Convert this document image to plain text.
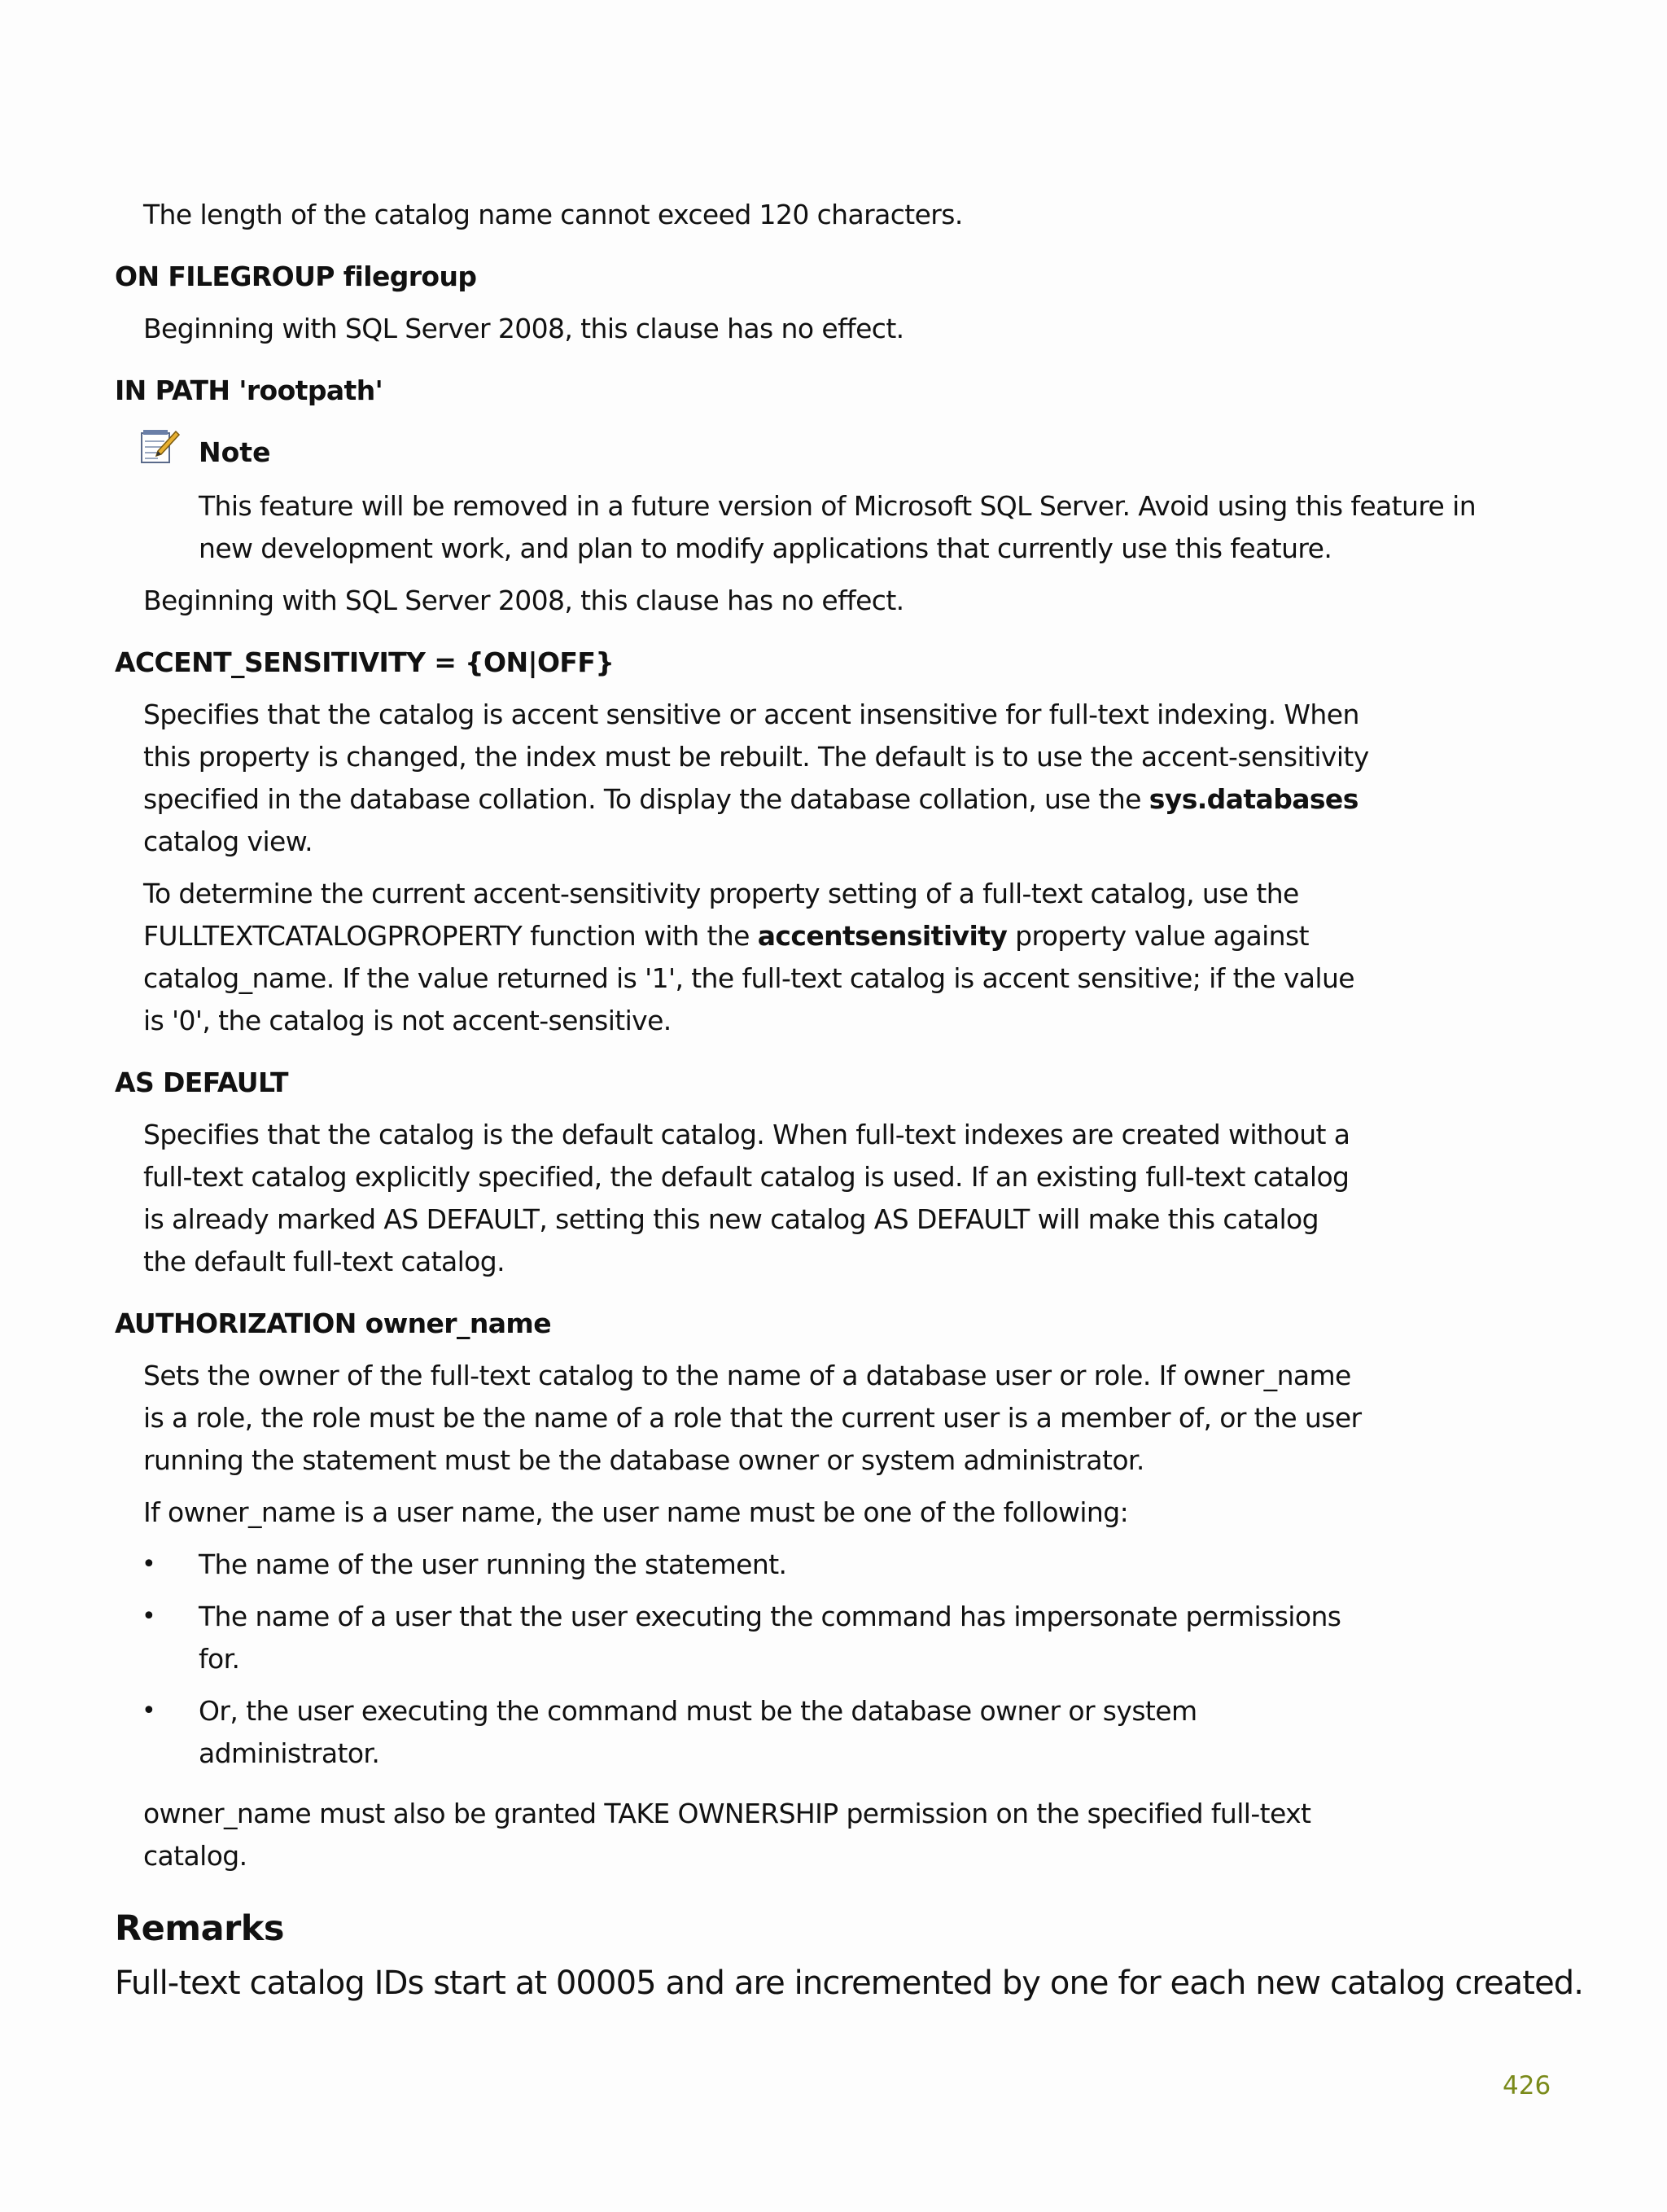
The length of the catalog name cannot exceed 120 characters.
ON FILEGROUP filegroup
Beginning with SQL Server 2008, this clause has no effect.
IN PATH 'rootpath'
Note
This feature will be removed in a future version of Microsoft SQL Server. Avoid using this feature in
new development work, and plan to modify applications that currently use this feature.
Beginning with SQL Server 2008, this clause has no effect.
ACCENT_SENSITIVITY = {ON|OFF}
Specifies that the catalog is accent sensitive or accent insensitive for full-text indexing. When
this property is changed, the index must be rebuilt. The default is to use the accent-sensitivity
specified in the database collation. To display the database collation, use the sys.databases
catalog view.
To determine the current accent-sensitivity property setting of a full-text catalog, use the
FULLTEXTCATALOGPROPERTY function with the accentsensitivity property value against
catalog_name. If the value returned is '1', the full-text catalog is accent sensitive; if the value
is '0', the catalog is not accent-sensitive.
AS DEFAULT
Specifies that the catalog is the default catalog. When full-text indexes are created without a
full-text catalog explicitly specified, the default catalog is used. If an existing full-text catalog
is already marked AS DEFAULT, setting this new catalog AS DEFAULT will make this catalog
the default full-text catalog.
AUTHORIZATION owner_name
Sets the owner of the full-text catalog to the name of a database user or role. If owner_name
is a role, the role must be the name of a role that the current user is a member of, or the user
running the statement must be the database owner or system administrator.
If owner_name is a user name, the user name must be one of the following:
• The name of the user running the statement.
• The name of a user that the user executing the command has impersonate permissions
for.
• Or, the user executing the command must be the database owner or system
administrator.
owner_name must also be granted TAKE OWNERSHIP permission on the specified full-text
catalog.
Remarks
Full-text catalog IDs start at 00005 and are incremented by one for each new catalog created.
426
